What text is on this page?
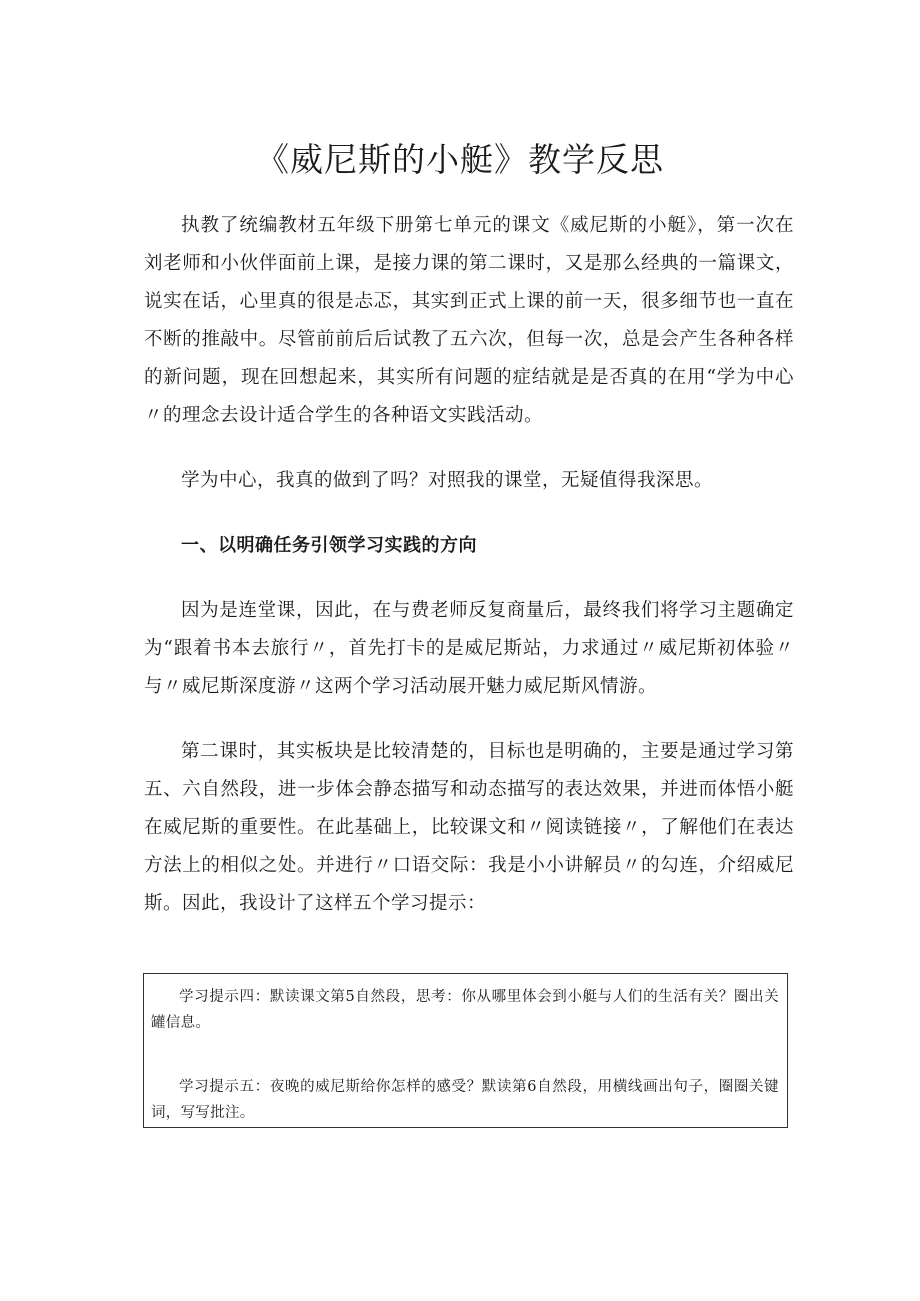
《威尼斯的小艇》教学反思

执教了统编教材五年级下册第七单元的课文《威尼斯的小艇》，第一次在刘老师和小伙伴面前上课，是接力课的第二课时，又是那么经典的一篇课文，说实在话，心里真的很是忐忑，其实到正式上课的前一天，很多细节也一直在不断的推敲中。尽管前前后后试教了五六次，但每一次，总是会产生各种各样的新问题，现在回想起来，其实所有问题的症结就是是否真的在用“学为中心〃的理念去设计适合学生的各种语文实践活动。

学为中心，我真的做到了吗？对照我的课堂，无疑值得我深思。

一、以明确任务引领学习实践的方向

因为是连堂课，因此，在与费老师反复商量后，最终我们将学习主题确定为“跟着书本去旅行〃，首先打卡的是威尼斯站，力求通过〃威尼斯初体验〃与〃威尼斯深度游〃这两个学习活动展开魅力威尼斯风情游。

第二课时，其实板块是比较清楚的，目标也是明确的，主要是通过学习第五、六自然段，进一步体会静态描写和动态描写的表达效果，并进而体悟小艇在威尼斯的重要性。在此基础上，比较课文和〃阅读链接〃，了解他们在表达方法上的相似之处。并进行〃口语交际：我是小小讲解员〃的勾连，介绍威尼斯。因此，我设计了这样五个学习提示：

学习提示四：默读课文第5自然段，思考：你从哪里体会到小艇与人们的生活有关？圈出关罐信息。

学习提示五：夜晚的威尼斯给你怎样的感受？默读第6自然段，用横线画出句子，圈圈关键词，写写批注。
